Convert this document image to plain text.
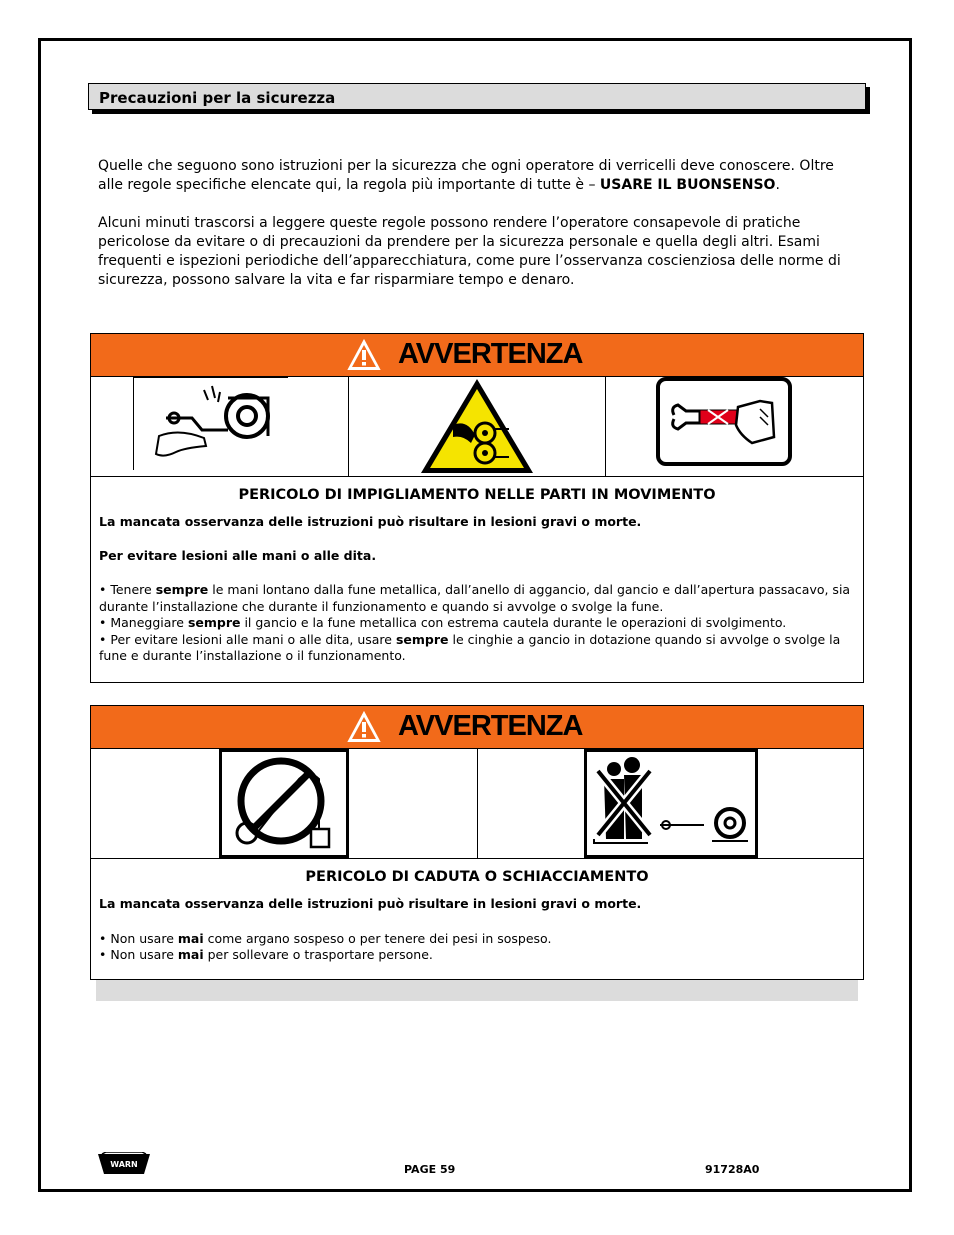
Precauzioni per la sicurezza

Quelle che seguono sono istruzioni per la sicurezza che ogni operatore di verricelli deve conoscere. Oltre alle regole specifiche elencate qui, la regola più importante di tutte è – USARE IL BUONSENSO.

Alcuni minuti trascorsi a leggere queste regole possono rendere l’operatore consapevole di pratiche pericolose da evitare o di precauzioni da prendere per la sicurezza personale e quella degli altri. Esami frequenti e ispezioni periodiche dell’apparecchiatura, come pure l’osservanza coscienziosa delle norme di sicurezza, possono salvare la vita e far risparmiare tempo e denaro.

AVVERTENZA
©1996 HCS, Inc. 800-748-0241 No. 1310D70-2
PERICOLO DI IMPIGLIAMENTO NELLE PARTI IN MOVIMENTO

La mancata osservanza delle istruzioni può risultare in lesioni gravi o morte.

Per evitare lesioni alle mani o alle dita.

• Tenere sempre le mani lontano dalla fune metallica, dall’anello di aggancio, dal gancio e dall’apertura passacavo, sia durante l’installazione che durante il funzionamento e quando si avvolge o svolge la fune.

• Maneggiare sempre il gancio e la fune metallica con estrema cautela durante le operazioni di svolgimento.

• Per evitare lesioni alle mani o alle dita, usare sempre le cinghie a gancio in dotazione quando si avvolge o svolge la fune e durante l’installazione o il funzionamento.

AVVERTENZA
PERICOLO DI CADUTA O SCHIACCIAMENTO

La mancata osservanza delle istruzioni può risultare in lesioni gravi o morte.

• Non usare mai come argano sospeso o per tenere dei pesi in sospeso.

• Non usare mai per sollevare o trasportare persone.

WARN	PAGE 59	91728A0
